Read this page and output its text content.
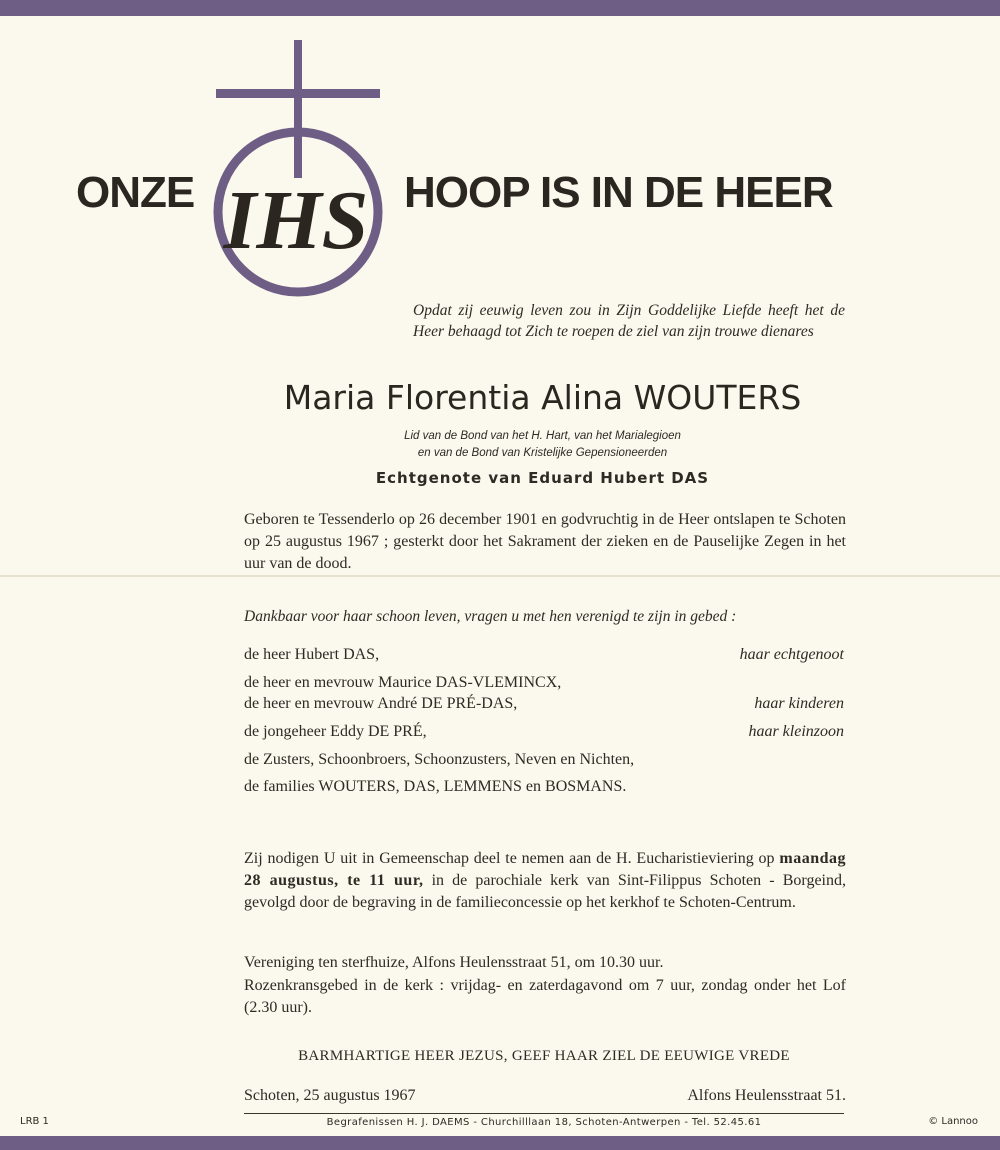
ONZE IHS HOOP IS IN DE HEER
Opdat zij eeuwig leven zou in Zijn Goddelijke Liefde heeft het de Heer behaagd tot Zich te roepen de ziel van zijn trouwe dienares
Maria Florentia Alina WOUTERS
Lid van de Bond van het H. Hart, van het Marialegioen
en van de Bond van Kristelijke Gepensioneerden
Echtgenote van Eduard Hubert DAS
Geboren te Tessenderlo op 26 december 1901 en godvruchtig in de Heer ontslapen te Schoten op 25 augustus 1967 ; gesterkt door het Sakrament der zieken en de Pauselijke Zegen in het uur van de dood.
Dankbaar voor haar schoon leven, vragen u met hen verenigd te zijn in gebed :
de heer Hubert DAS,	haar echtgenoot
de heer en mevrouw Maurice DAS-VLEMINCX,
de heer en mevrouw André DE PRÉ-DAS,	haar kinderen
de jongeheer Eddy DE PRÉ,	haar kleinzoon
de Zusters, Schoonbroers, Schoonzusters, Neven en Nichten,
de families WOUTERS, DAS, LEMMENS en BOSMANS.
Zij nodigen U uit in Gemeenschap deel te nemen aan de H. Eucharistieviering op maandag 28 augustus, te 11 uur, in de parochiale kerk van Sint-Filippus Schoten - Borgeind, gevolgd door de begraving in de familieconcessie op het kerkhof te Schoten-Centrum.
Vereniging ten sterfhuize, Alfons Heulensstraat 51, om 10.30 uur.
Rozenkransgebed in de kerk : vrijdag- en zaterdagavond om 7 uur, zondag onder het Lof (2.30 uur).
BARMHARTIGE HEER JEZUS, GEEF HAAR ZIEL DE EEUWIGE VREDE
Schoten, 25 augustus 1967	Alfons Heulensstraat 51.
Begrafenissen H. J. DAEMS - Churchilllaan 18, Schoten-Antwerpen - Tel. 52.45.61
LRB 1	© Lannoo
